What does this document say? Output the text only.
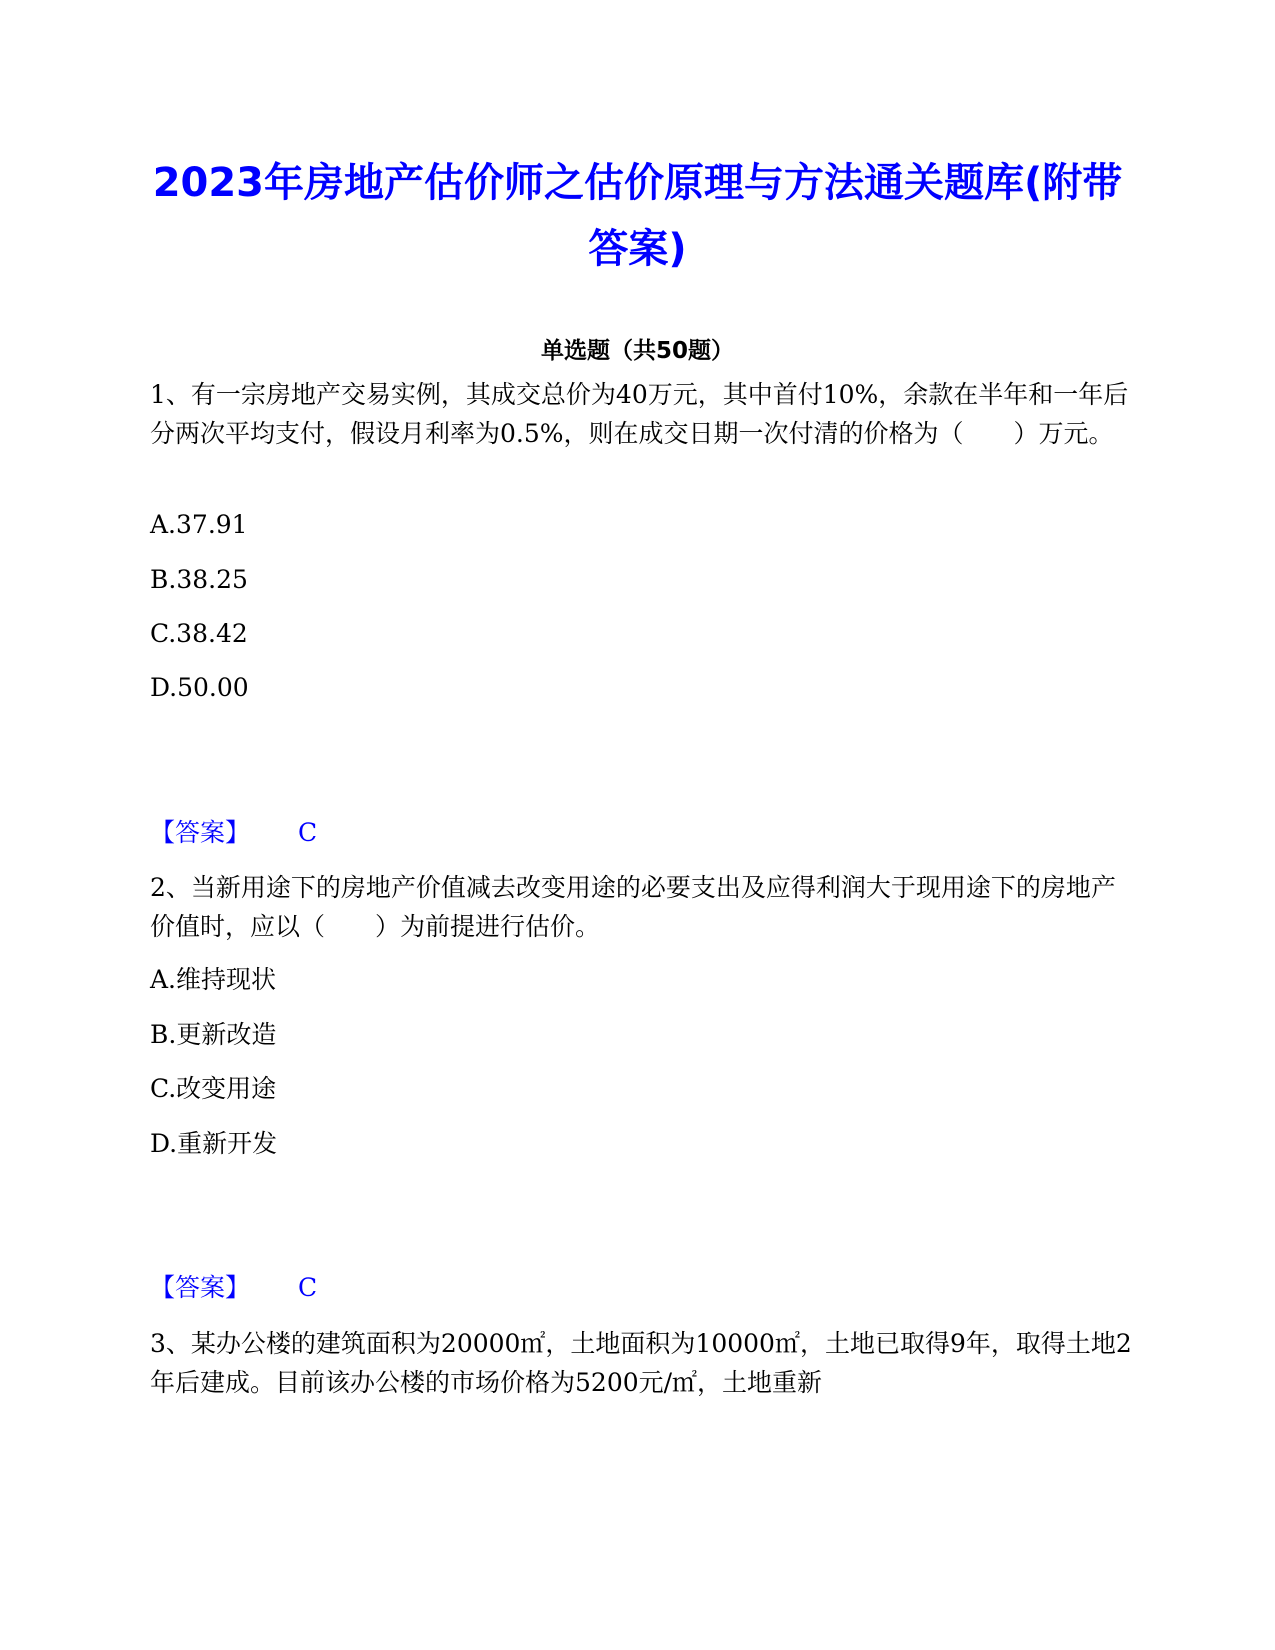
2023年房地产估价师之估价原理与方法通关题库(附带答案)
单选题（共50题）
1、有一宗房地产交易实例，其成交总价为40万元，其中首付10%，余款在半年和一年后分两次平均支付，假设月利率为0.5%，则在成交日期一次付清的价格为（　　）万元。
A.37.91
B.38.25
C.38.42
D.50.00
【答案】 C
2、当新用途下的房地产价值减去改变用途的必要支出及应得利润大于现用途下的房地产价值时，应以（　　）为前提进行估价。
A.维持现状
B.更新改造
C.改变用途
D.重新开发
【答案】 C
3、某办公楼的建筑面积为20000㎡，土地面积为10000㎡，土地已取得9年，取得土地2年后建成。目前该办公楼的市场价格为5200元/㎡，土地重新
